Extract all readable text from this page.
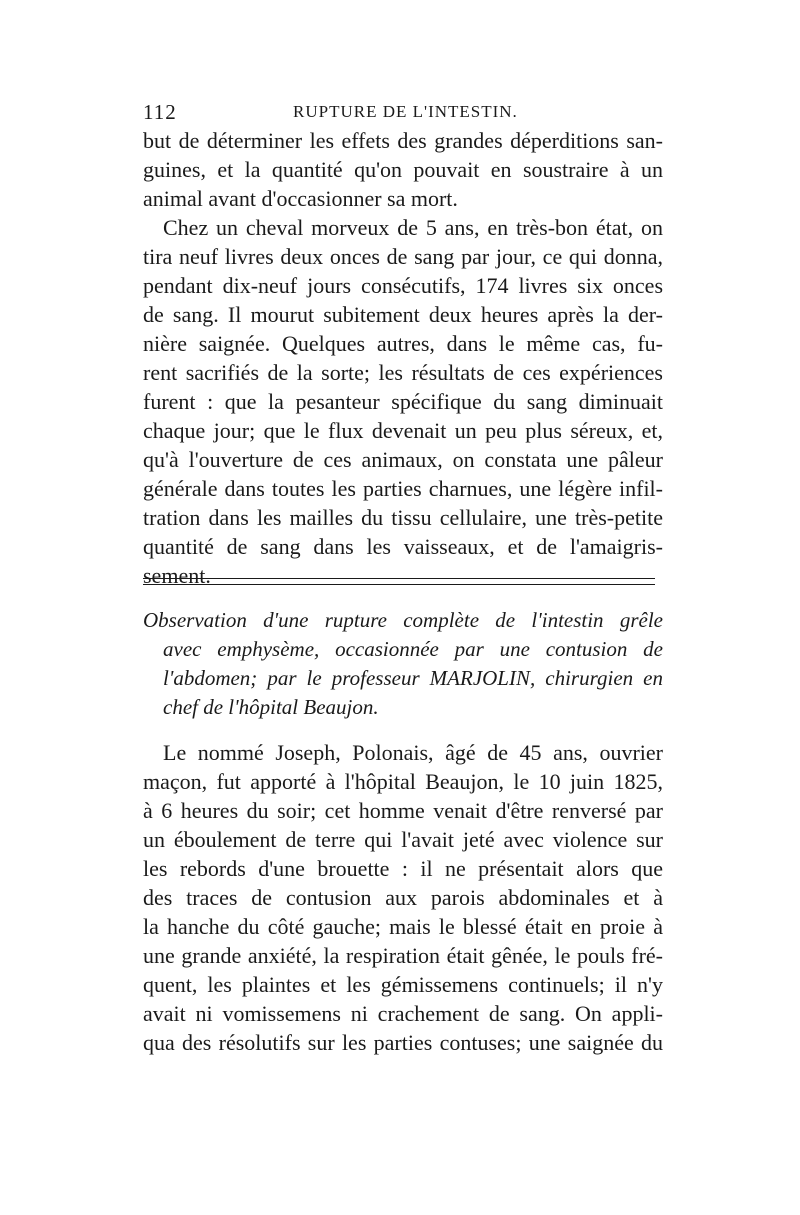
112	RUPTURE DE L'INTESTIN.
but de déterminer les effets des grandes déperditions san-
guines, et la quantité qu'on pouvait en soustraire à un
animal avant d'occasionner sa mort.
Chez un cheval morveux de 5 ans, en très-bon état, on
tira neuf livres deux onces de sang par jour, ce qui donna,
pendant dix-neuf jours consécutifs, 174 livres six onces
de sang. Il mourut subitement deux heures après la der-
nière saignée. Quelques autres, dans le même cas, fu-
rent sacrifiés de la sorte; les résultats de ces expériences
furent : que la pesanteur spécifique du sang diminuait
chaque jour; que le flux devenait un peu plus séreux, et,
qu'à l'ouverture de ces animaux, on constata une pâleur
générale dans toutes les parties charnues, une légère infil-
tration dans les mailles du tissu cellulaire, une très-petite
quantité de sang dans les vaisseaux, et de l'amaigris-
sement.
Observation d'une rupture complète de l'intestin grêle
avec emphysème, occasionnée par une contusion de
l'abdomen; par le professeur MARJOLIN, chirurgien en
chef de l'hôpital Beaujon.
Le nommé Joseph, Polonais, âgé de 45 ans, ouvrier
maçon, fut apporté à l'hôpital Beaujon, le 10 juin 1825,
à 6 heures du soir; cet homme venait d'être renversé par
un éboulement de terre qui l'avait jeté avec violence sur
les rebords d'une brouette : il ne présentait alors que
des traces de contusion aux parois abdominales et à
la hanche du côté gauche; mais le blessé était en proie à
une grande anxiété, la respiration était gênée, le pouls fré-
quent, les plaintes et les gémissemens continuels; il n'y
avait ni vomissemens ni crachement de sang. On appli-
qua des résolutifs sur les parties contuses; une saignée du
